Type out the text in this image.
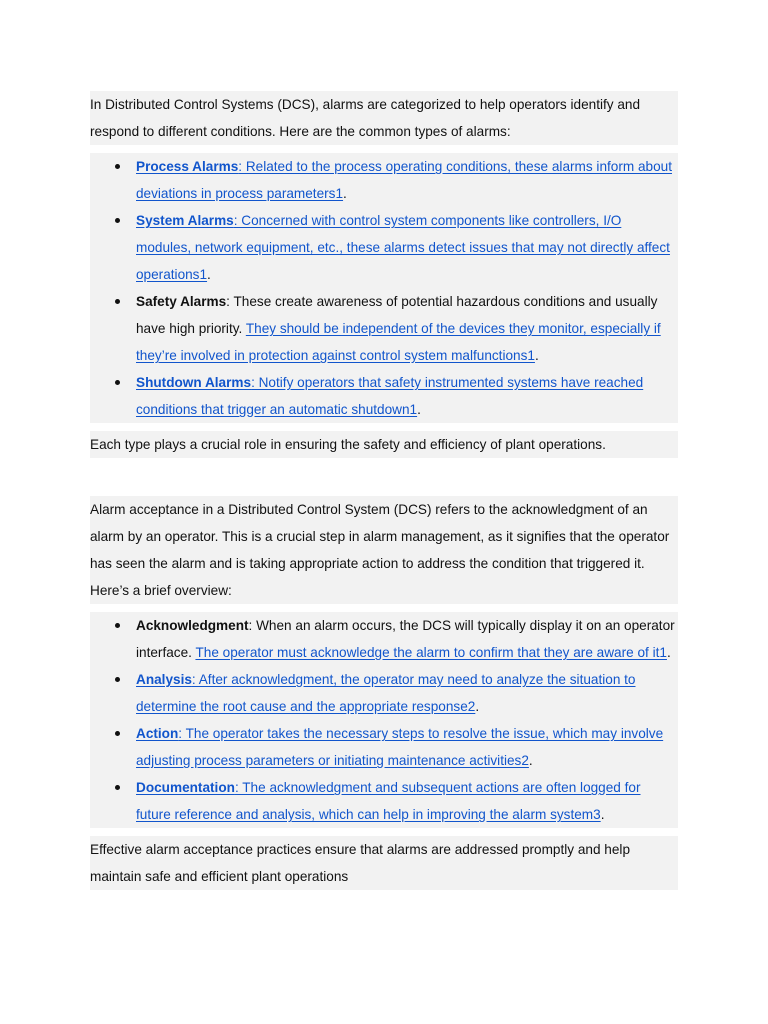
In Distributed Control Systems (DCS), alarms are categorized to help operators identify and respond to different conditions. Here are the common types of alarms:

Process Alarms: Related to the process operating conditions, these alarms inform about deviations in process parameters1.
System Alarms: Concerned with control system components like controllers, I/O modules, network equipment, etc., these alarms detect issues that may not directly affect operations1.
Safety Alarms: These create awareness of potential hazardous conditions and usually have high priority. They should be independent of the devices they monitor, especially if they’re involved in protection against control system malfunctions1.
Shutdown Alarms: Notify operators that safety instrumented systems have reached conditions that trigger an automatic shutdown1.

Each type plays a crucial role in ensuring the safety and efficiency of plant operations.

Alarm acceptance in a Distributed Control System (DCS) refers to the acknowledgment of an alarm by an operator. This is a crucial step in alarm management, as it signifies that the operator has seen the alarm and is taking appropriate action to address the condition that triggered it. Here’s a brief overview:

Acknowledgment: When an alarm occurs, the DCS will typically display it on an operator interface. The operator must acknowledge the alarm to confirm that they are aware of it1.
Analysis: After acknowledgment, the operator may need to analyze the situation to determine the root cause and the appropriate response2.
Action: The operator takes the necessary steps to resolve the issue, which may involve adjusting process parameters or initiating maintenance activities2.
Documentation: The acknowledgment and subsequent actions are often logged for future reference and analysis, which can help in improving the alarm system3.

Effective alarm acceptance practices ensure that alarms are addressed promptly and help maintain safe and efficient plant operations
